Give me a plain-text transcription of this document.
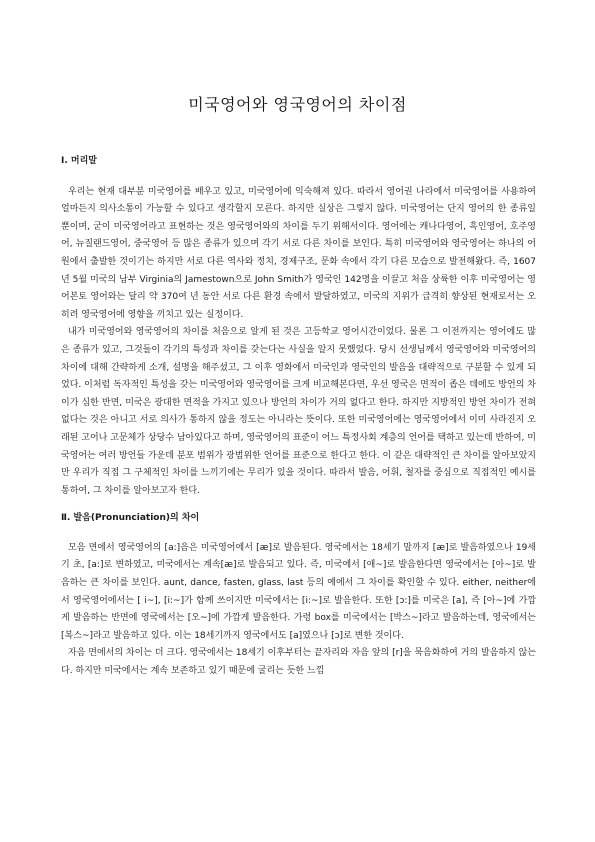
미국영어와 영국영어의 차이점
Ⅰ. 머리말

우리는 현재 대부분 미국영어를 배우고 있고, 미국영어에 익숙해져 있다. 따라서 영어권 나라에서 미국영어를 사용하여 얼마든지 의사소통이 가능할 수 있다고 생각할지 모른다. 하지만 실상은 그렇지 않다. 미국영어는 단지 영어의 한 종류일 뿐이며, 굳이 미국영어라고 표현하는 것은 영국영어와의 차이를 두기 위해서이다. 영어에는 캐나다영어, 흑인영어, 호주영어, 뉴질랜드영어, 중국영어 등 많은 종류가 있으며 각기 서로 다른 차이를 보인다. 특히 미국영어와 영국영어는 하나의 어원에서 출발한 것이기는 하지만 서로 다른 역사와 정치, 경제구조, 문화 속에서 각기 다른 모습으로 발전해왔다. 즉, 1607년 5월 미국의 남부 Virginia의 Jamestown으로 John Smith가 영국인 142명을 이끌고 처음 상륙한 이후 미국영어는 영어본토 영어와는 달리 약 370여 년 동안 서로 다른 환경 속에서 발달하였고, 미국의 지위가 급격히 향상된 현재로서는 오히려 영국영어에 영향을 끼치고 있는 실정이다.

내가 미국영어와 영국영어의 차이를 처음으로 알게 된 것은 고등학교 영어시간이었다. 물론 그 이전까지는 영어에도 많은 종류가 있고, 그것들이 각기의 특성과 차이를 갖는다는 사실을 알지 못했었다. 당시 선생님께서 영국영어와 미국영어의 차이에 대해 간략하게 소개, 설명을 해주셨고, 그 이후 영화에서 미국인과 영국인의 발음을 대략적으로 구분할 수 있게 되었다. 이처럼 독자적인 특성을 갖는 미국영어와 영국영어를 크게 비교해본다면, 우선 영국은 면적이 좁은 데에도 방언의 차이가 심한 반면, 미국은 광대한 면적을 가지고 있으나 방언의 차이가 거의 없다고 한다. 하지만 지방적인 방언 차이가 전혀 없다는 것은 아니고 서로 의사가 통하지 않을 정도는 아니라는 뜻이다. 또한 미국영어에는 영국영어에서 이미 사라진지 오래된 고어나 고문체가 상당수 남아있다고 하며, 영국영어의 표준이 어느 특정사회 계층의 언어를 택하고 있는데 반하여, 미국영어는 여러 방언들 가운데 분포 범위가 광범위한 언어를 표준으로 한다고 한다. 이 같은 대략적인 큰 차이를 알아보았지만 우리가 직접 그 구체적인 차이를 느끼기에는 무리가 있을 것이다. 따라서 발음, 어휘, 철자를 중심으로 직접적인 예시를 통하여, 그 차이를 알아보고자 한다.

Ⅱ. 발음(Pronunciation)의 차이

모음 면에서 영국영어의 [a:]음은 미국영어에서 [ӕ]로 발음된다. 영국에서는 18세기 말까지 [ӕ]로 발음하였으나 19세기 초, [a:]로 변하였고, 미국에서는 계속[ӕ]로 발음되고 있다. 즉, 미국에서 [애~]로 발음한다면 영국에서는 [아~]로 발음하는 큰 차이를 보인다. aunt, dance, fasten, glass, last 등의 예에서 그 차이를 확인할 수 있다. either, neither에서 영국영어에서는 [ i~], [i:~]가 함께 쓰이지만 미국에서는 [i:~]로 발음한다. 또한 [ɔ:]를 미국은 [a], 즉 [아~]에 가깝게 발음하는 반면에 영국에서는 [오~]에 가깝게 발음한다. 가령 box를 미국에서는 [박스~]라고 발음하는데, 영국에서는 [복스~]라고 발음하고 있다. 이는 18세기까지 영국에서도 [a]였으나 [ɔ]로 변한 것이다.

자음 면에서의 차이는 더 크다. 영국에서는 18세기 이후부터는 끝자리와 자음 앞의 [r]을 묵음화하여 거의 발음하지 않는다. 하지만 미국에서는 계속 보존하고 있기 때문에 굴리는 듯한 느낌
